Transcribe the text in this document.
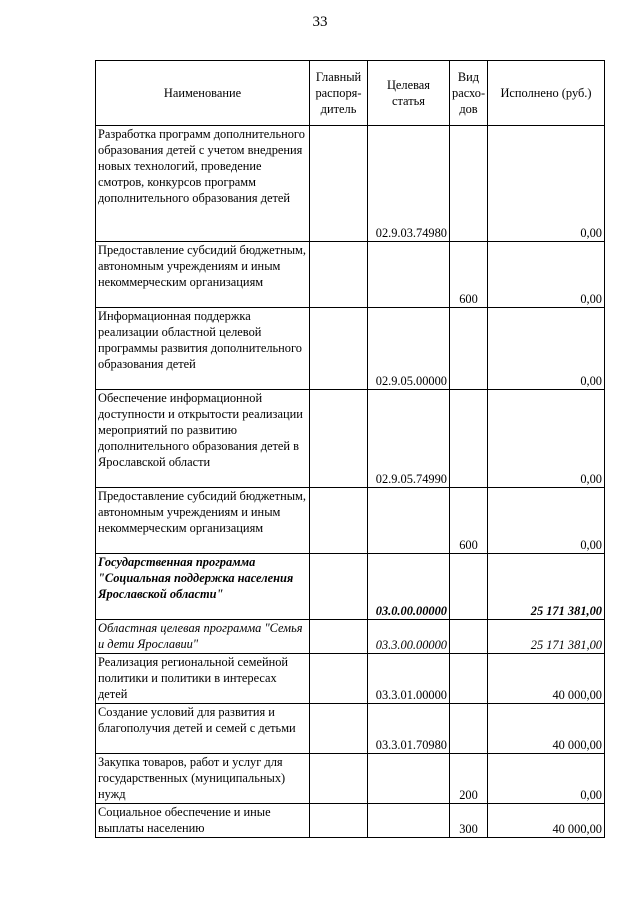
33
Наименование	Главный распоря-дитель	Целевая статья	Вид расхо-дов	Исполнено (руб.)
Разработка программ дополнительного образования детей с учетом внедрения новых технологий, проведение смотров, конкурсов программ дополнительного образования детей		02.9.03.74980		0,00
Предоставление субсидий бюджетным, автономным учреждениям и иным некоммерческим организациям			600	0,00
Информационная поддержка реализации областной целевой программы развития дополнительного образования детей		02.9.05.00000		0,00
Обеспечение информационной доступности и открытости реализации мероприятий по развитию дополнительного образования детей в Ярославской области		02.9.05.74990		0,00
Предоставление субсидий бюджетным, автономным учреждениям и иным некоммерческим организациям			600	0,00
Государственная программа "Социальная поддержка населения Ярославской области"		03.0.00.00000		25 171 381,00
Областная целевая программа "Семья и дети Ярославии"		03.3.00.00000		25 171 381,00
Реализация региональной семейной политики и политики в интересах детей		03.3.01.00000		40 000,00
Создание условий для развития и благополучия детей и семей с детьми		03.3.01.70980		40 000,00
Закупка товаров, работ и услуг для государственных (муниципальных) нужд			200	0,00
Социальное обеспечение и иные выплаты населению			300	40 000,00
